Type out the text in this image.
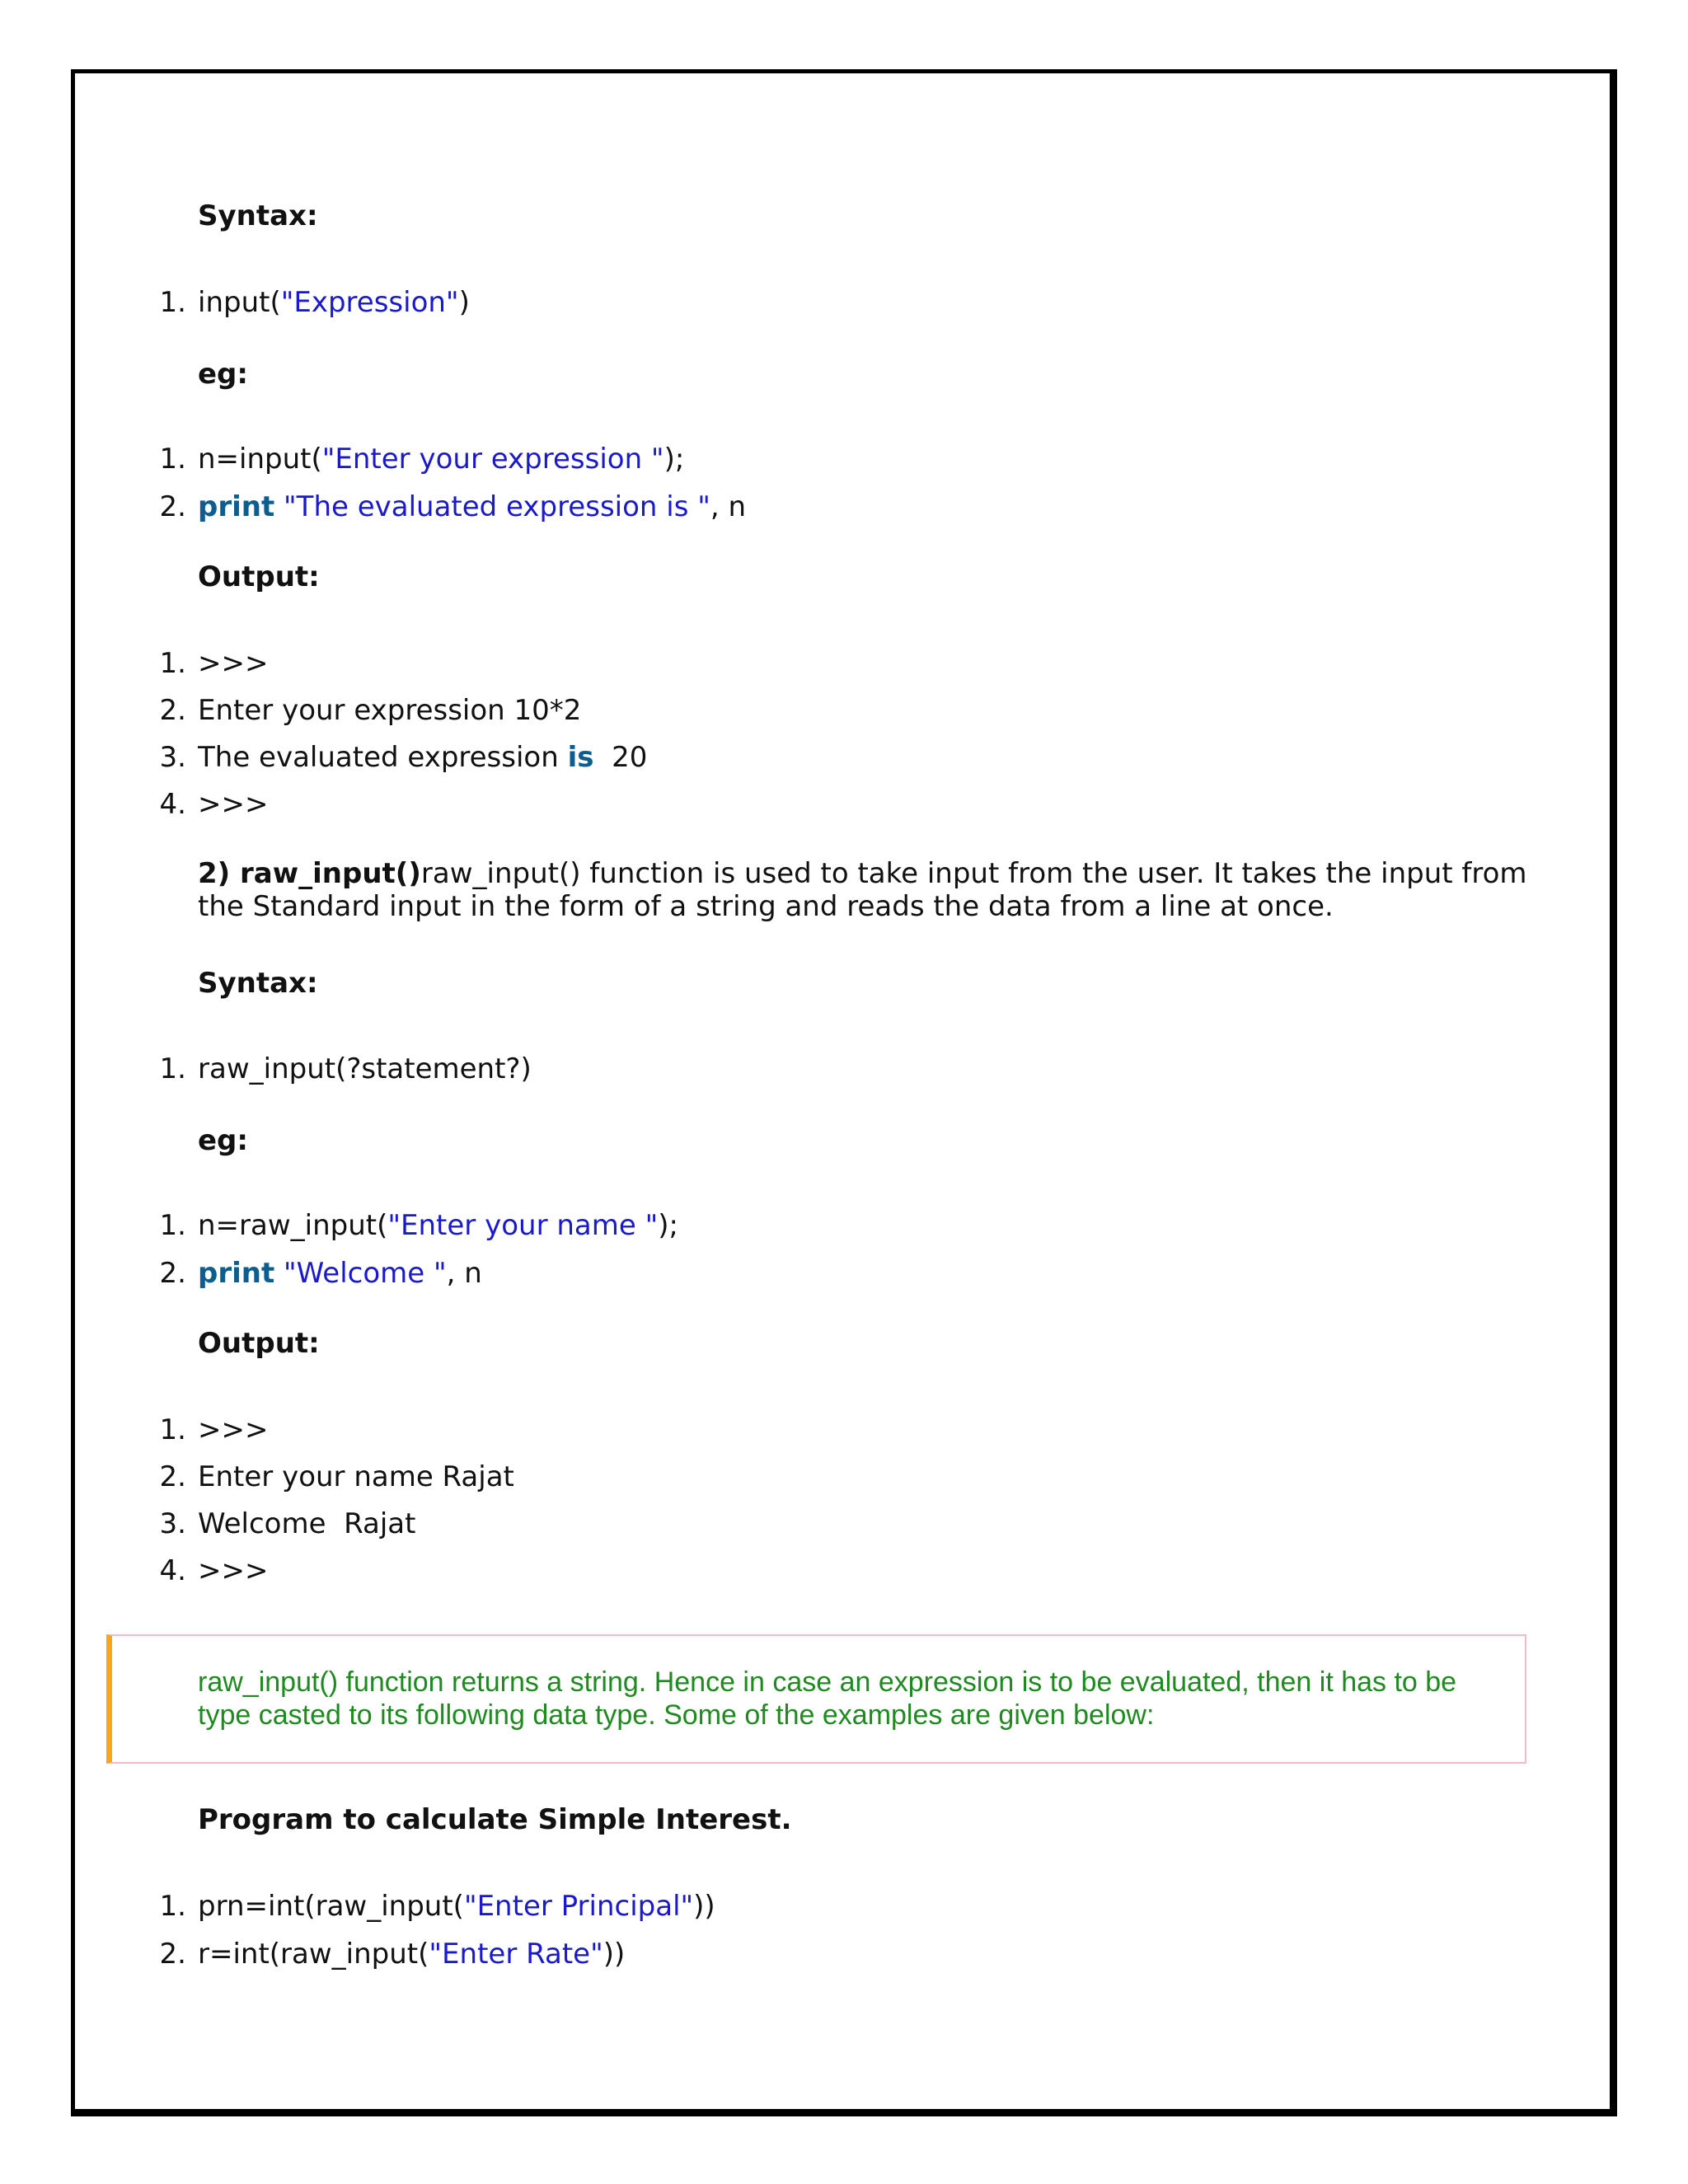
Syntax:
1. input("Expression")
eg:
1. n=input("Enter your expression ");
2. print "The evaluated expression is ", n
Output:
1. >>>
2. Enter your expression 10*2
3. The evaluated expression is  20
4. >>>
2) raw_input()raw_input() function is used to take input from the user. It takes the input from the Standard input in the form of a string and reads the data from a line at once.
Syntax:
1. raw_input(?statement?)
eg:
1. n=raw_input("Enter your name ");
2. print "Welcome ", n
Output:
1. >>>
2. Enter your name Rajat
3. Welcome  Rajat
4. >>>
raw_input() function returns a string. Hence in case an expression is to be evaluated, then it has to be type casted to its following data type. Some of the examples are given below:
Program to calculate Simple Interest.
1. prn=int(raw_input("Enter Principal"))
2. r=int(raw_input("Enter Rate"))
